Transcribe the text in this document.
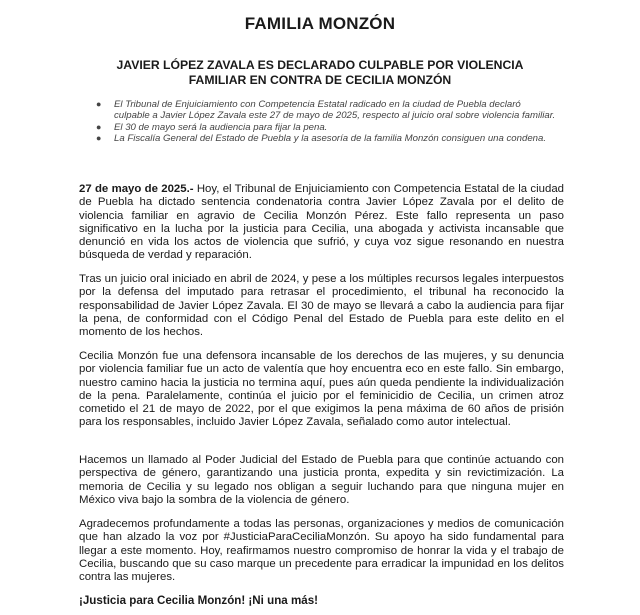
FAMILIA MONZÓN
JAVIER LÓPEZ ZAVALA ES DECLARADO CULPABLE POR VIOLENCIA FAMILIAR EN CONTRA DE CECILIA MONZÓN
● El Tribunal de Enjuiciamiento con Competencia Estatal radicado en la ciudad de Puebla declaró culpable a Javier López Zavala este 27 de mayo de 2025, respecto al juicio oral sobre violencia familiar.
● El 30 de mayo será la audiencia para fijar la pena.
● La Fiscalía General del Estado de Puebla y la asesoría de la familia Monzón consiguen una condena.

27 de mayo de 2025.- Hoy, el Tribunal de Enjuiciamiento con Competencia Estatal de la ciudad de Puebla ha dictado sentencia condenatoria contra Javier López Zavala por el delito de violencia familiar en agravio de Cecilia Monzón Pérez. Este fallo representa un paso significativo en la lucha por la justicia para Cecilia, una abogada y activista incansable que denunció en vida los actos de violencia que sufrió, y cuya voz sigue resonando en nuestra búsqueda de verdad y reparación.

Tras un juicio oral iniciado en abril de 2024, y pese a los múltiples recursos legales interpuestos por la defensa del imputado para retrasar el procedimiento, el tribunal ha reconocido la responsabilidad de Javier López Zavala. El 30 de mayo se llevará a cabo la audiencia para fijar la pena, de conformidad con el Código Penal del Estado de Puebla para este delito en el momento de los hechos.

Cecilia Monzón fue una defensora incansable de los derechos de las mujeres, y su denuncia por violencia familiar fue un acto de valentía que hoy encuentra eco en este fallo. Sin embargo, nuestro camino hacia la justicia no termina aquí, pues aún queda pendiente la individualización de la pena. Paralelamente, continúa el juicio por el feminicidio de Cecilia, un crimen atroz cometido el 21 de mayo de 2022, por el que exigimos la pena máxima de 60 años de prisión para los responsables, incluido Javier López Zavala, señalado como autor intelectual.

Hacemos un llamado al Poder Judicial del Estado de Puebla para que continúe actuando con perspectiva de género, garantizando una justicia pronta, expedita y sin revictimización. La memoria de Cecilia y su legado nos obligan a seguir luchando para que ninguna mujer en México viva bajo la sombra de la violencia de género.

Agradecemos profundamente a todas las personas, organizaciones y medios de comunicación que han alzado la voz por #JusticiaParaCeciliaMonzón. Su apoyo ha sido fundamental para llegar a este momento. Hoy, reafirmamos nuestro compromiso de honrar la vida y el trabajo de Cecilia, buscando que su caso marque un precedente para erradicar la impunidad en los delitos contra las mujeres.

¡Justicia para Cecilia Monzón! ¡Ni una más!
